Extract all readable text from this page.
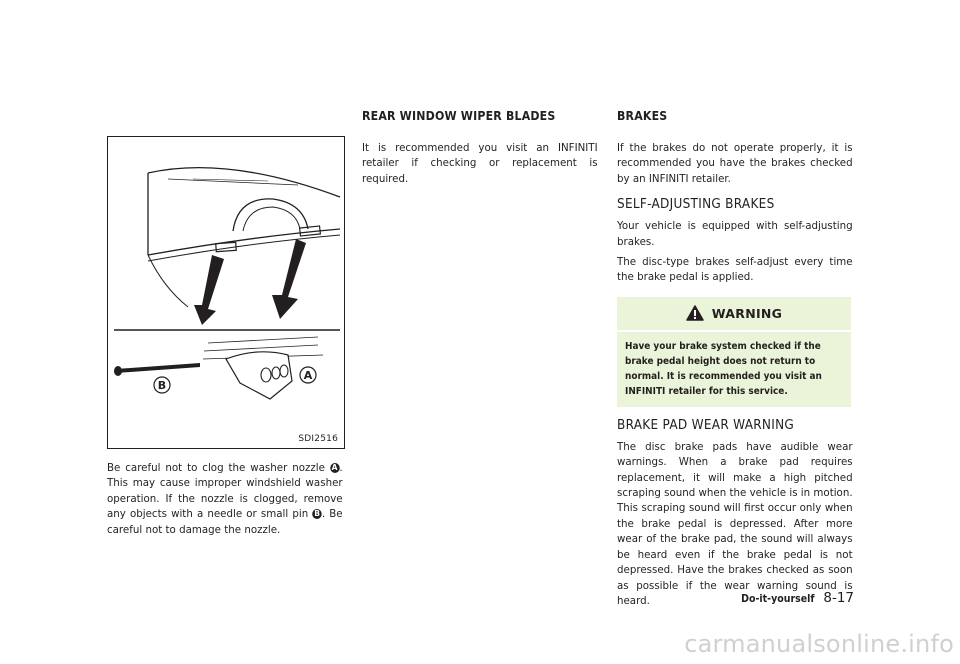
A
B
SDI2516

Be careful not to clog the washer nozzle A . This may cause improper windshield washer operation. If the nozzle is clogged, remove any objects with a needle or small pin B . Be careful not to damage the nozzle.

REAR WINDOW WIPER BLADES

It is recommended you visit an INFINITI retailer if checking or replacement is required.

BRAKES

If the brakes do not operate properly, it is recommended you have the brakes checked by an INFINITI retailer.

SELF-ADJUSTING BRAKES

Your vehicle is equipped with self-adjusting brakes.

The disc-type brakes self-adjust every time the brake pedal is applied.

WARNING
Have your brake system checked if the brake pedal height does not return to normal. It is recommended you visit an INFINITI retailer for this service.
BRAKE PAD WEAR WARNING

The disc brake pads have audible wear warnings. When a brake pad requires replacement, it will make a high pitched scraping sound when the vehicle is in motion. This scraping sound will first occur only when the brake pedal is depressed. After more wear of the brake pad, the sound will always be heard even if the brake pedal is not depressed. Have the brakes checked as soon as possible if the wear warning sound is heard.	Do-it-yourself 8-17
carmanualsonline.info
